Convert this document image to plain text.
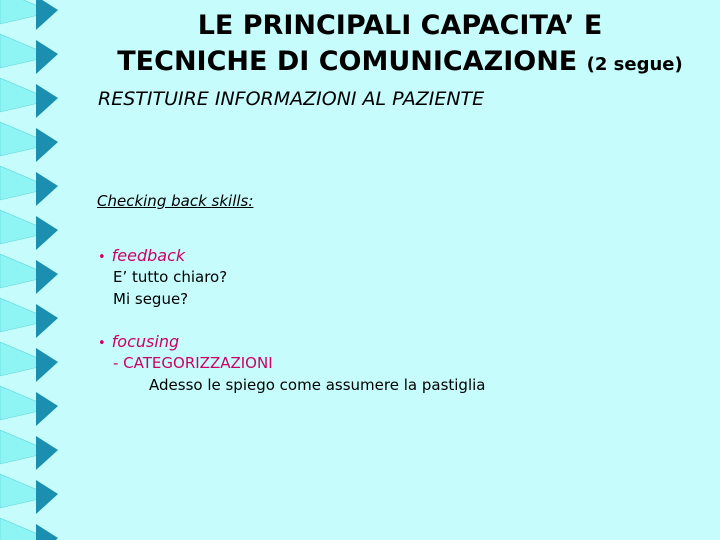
LE PRINCIPALI CAPACITA’ E
TECNICHE DI COMUNICAZIONE (2 segue)
RESTITUIRE INFORMAZIONI AL PAZIENTE
Checking back skills:
• feedback
E’ tutto chiaro?
Mi segue?
• focusing
- CATEGORIZZAZIONI
Adesso le spiego come assumere la pastiglia
